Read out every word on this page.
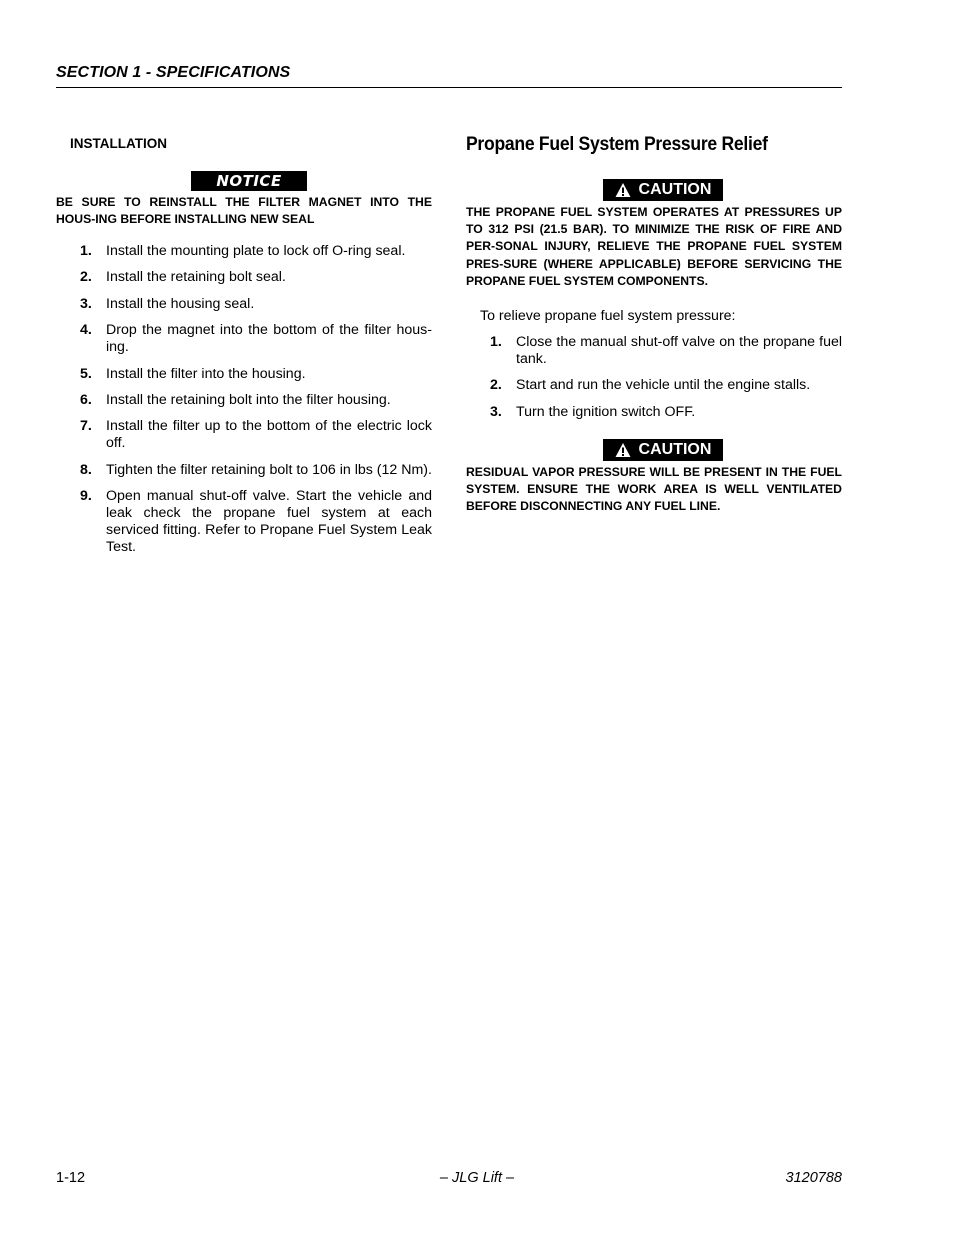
SECTION 1 - SPECIFICATIONS
INSTALLATION
NOTICE
BE SURE TO REINSTALL THE FILTER MAGNET INTO THE HOUS-ING BEFORE INSTALLING NEW SEAL
1. Install the mounting plate to lock off O-ring seal.
2. Install the retaining bolt seal.
3. Install the housing seal.
4. Drop the magnet into the bottom of the filter hous-ing.
5. Install the filter into the housing.
6. Install the retaining bolt into the filter housing.
7. Install the filter up to the bottom of the electric lock off.
8. Tighten the filter retaining bolt to 106 in lbs (12 Nm).
9. Open manual shut-off valve. Start the vehicle and leak check the propane fuel system at each serviced fitting. Refer to Propane Fuel System Leak Test.
Propane Fuel System Pressure Relief
CAUTION
THE PROPANE FUEL SYSTEM OPERATES AT PRESSURES UP TO 312 PSI (21.5 BAR). TO MINIMIZE THE RISK OF FIRE AND PER-SONAL INJURY, RELIEVE THE PROPANE FUEL SYSTEM PRES-SURE (WHERE APPLICABLE) BEFORE SERVICING THE PROPANE FUEL SYSTEM COMPONENTS.
To relieve propane fuel system pressure:
1. Close the manual shut-off valve on the propane fuel tank.
2. Start and run the vehicle until the engine stalls.
3. Turn the ignition switch OFF.
CAUTION
RESIDUAL VAPOR PRESSURE WILL BE PRESENT IN THE FUEL SYSTEM. ENSURE THE WORK AREA IS WELL VENTILATED BEFORE DISCONNECTING ANY FUEL LINE.
1-12	– JLG Lift –	3120788
